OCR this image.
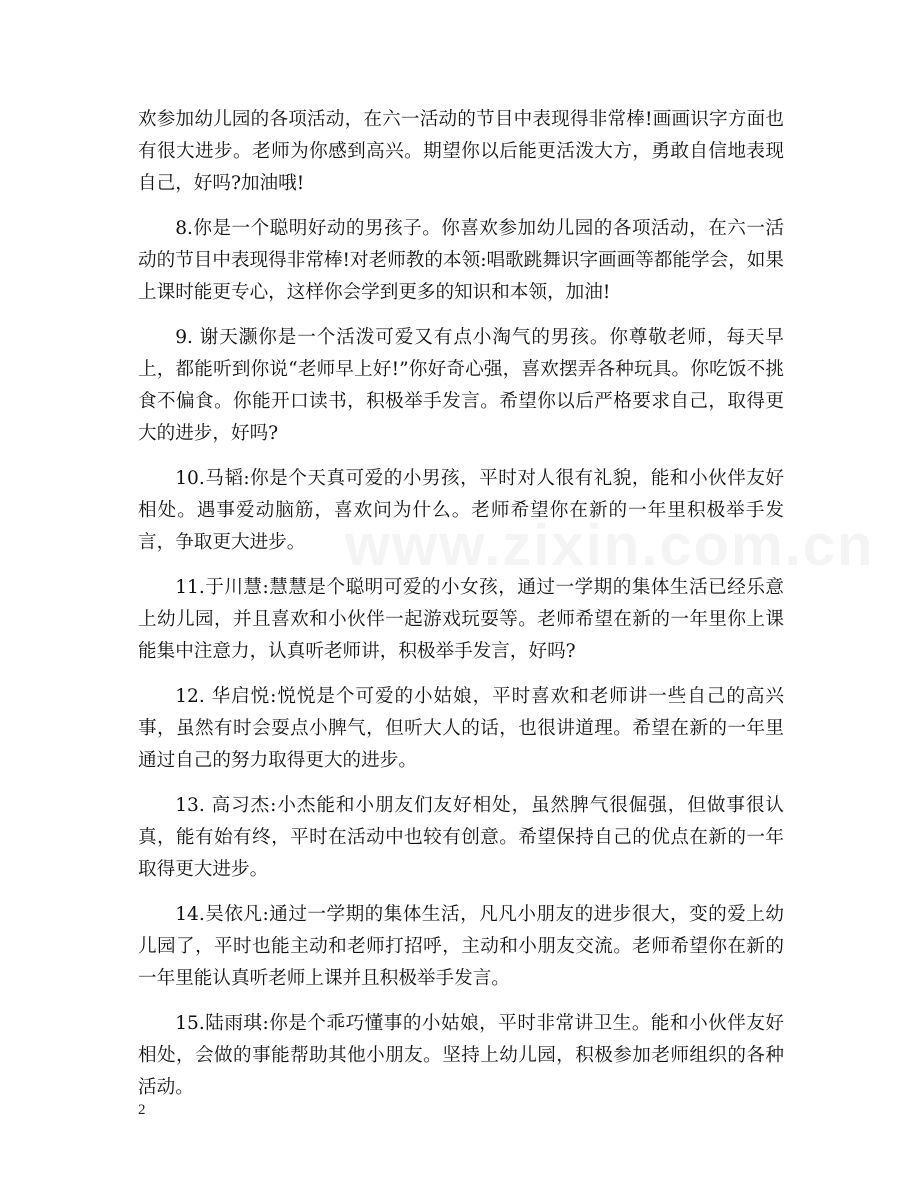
www.zixin.com.cn

欢参加幼儿园的各项活动，在六一活动的节目中表现得非常棒!画画识字方面也有很大进步。老师为你感到高兴。期望你以后能更活泼大方，勇敢自信地表现自己，好吗?加油哦!

8.你是一个聪明好动的男孩子。你喜欢参加幼儿园的各项活动，在六一活动的节目中表现得非常棒!对老师教的本领:唱歌跳舞识字画画等都能学会，如果上课时能更专心，这样你会学到更多的知识和本领，加油!

9. 谢天灏你是一个活泼可爱又有点小淘气的男孩。你尊敬老师，每天早上，都能听到你说“老师早上好!”你好奇心强，喜欢摆弄各种玩具。你吃饭不挑食不偏食。你能开口读书，积极举手发言。希望你以后严格要求自己，取得更大的进步，好吗?

10.马韬:你是个天真可爱的小男孩，平时对人很有礼貌，能和小伙伴友好相处。遇事爱动脑筋，喜欢问为什么。老师希望你在新的一年里积极举手发言，争取更大进步。

11.于川慧:慧慧是个聪明可爱的小女孩，通过一学期的集体生活已经乐意上幼儿园，并且喜欢和小伙伴一起游戏玩耍等。老师希望在新的一年里你上课能集中注意力，认真听老师讲，积极举手发言，好吗?

12. 华启悦:悦悦是个可爱的小姑娘，平时喜欢和老师讲一些自己的高兴事，虽然有时会耍点小脾气，但听大人的话，也很讲道理。希望在新的一年里通过自己的努力取得更大的进步。

13. 高习杰:小杰能和小朋友们友好相处，虽然脾气很倔强，但做事很认真，能有始有终，平时在活动中也较有创意。希望保持自己的优点在新的一年取得更大进步。

14.吴依凡:通过一学期的集体生活，凡凡小朋友的进步很大，变的爱上幼儿园了，平时也能主动和老师打招呼，主动和小朋友交流。老师希望你在新的一年里能认真听老师上课并且积极举手发言。

15.陆雨琪:你是个乖巧懂事的小姑娘，平时非常讲卫生。能和小伙伴友好相处，会做的事能帮助其他小朋友。坚持上幼儿园，积极参加老师组织的各种活动。

2
